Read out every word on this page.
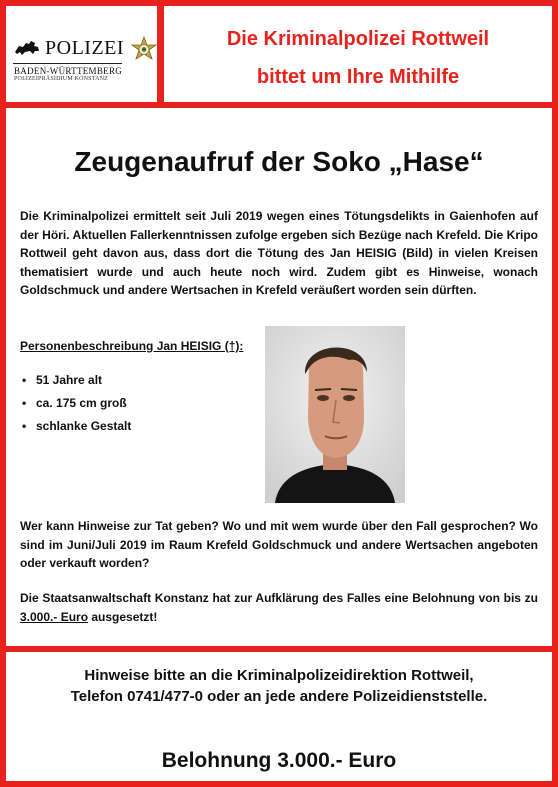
POLIZEI
BADEN-WÜRTTEMBERG
POLIZEIPRÄSIDIUM KONSTANZ
Die Kriminalpolizei Rottweil
bittet um Ihre Mithilfe
Zeugenaufruf der Soko „Hase“
Die Kriminalpolizei ermittelt seit Juli 2019 wegen eines Tötungsdelikts in Gaienhofen auf der Höri. Aktuellen Fallerkenntnissen zufolge ergeben sich Bezüge nach Krefeld. Die Kripo Rottweil geht davon aus, dass dort die Tötung des Jan HEISIG (Bild) in vielen Kreisen thematisiert wurde und auch heute noch wird. Zudem gibt es Hinweise, wonach Goldschmuck und andere Wertsachen in Krefeld veräußert worden sein dürften.
Personenbeschreibung Jan HEISIG (†):
• 51 Jahre alt
• ca. 175 cm groß
• schlanke Gestalt
Wer kann Hinweise zur Tat geben? Wo und mit wem wurde über den Fall gesprochen? Wo sind im Juni/Juli 2019 im Raum Krefeld Goldschmuck und andere Wertsachen angeboten oder verkauft worden?
Die Staatsanwaltschaft Konstanz hat zur Aufklärung des Falles eine Belohnung von bis zu 3.000.- Euro ausgesetzt!
Hinweise bitte an die Kriminalpolizeidirektion Rottweil,
Telefon 0741/477-0 oder an jede andere Polizeidienststelle.
Belohnung 3.000.- Euro
